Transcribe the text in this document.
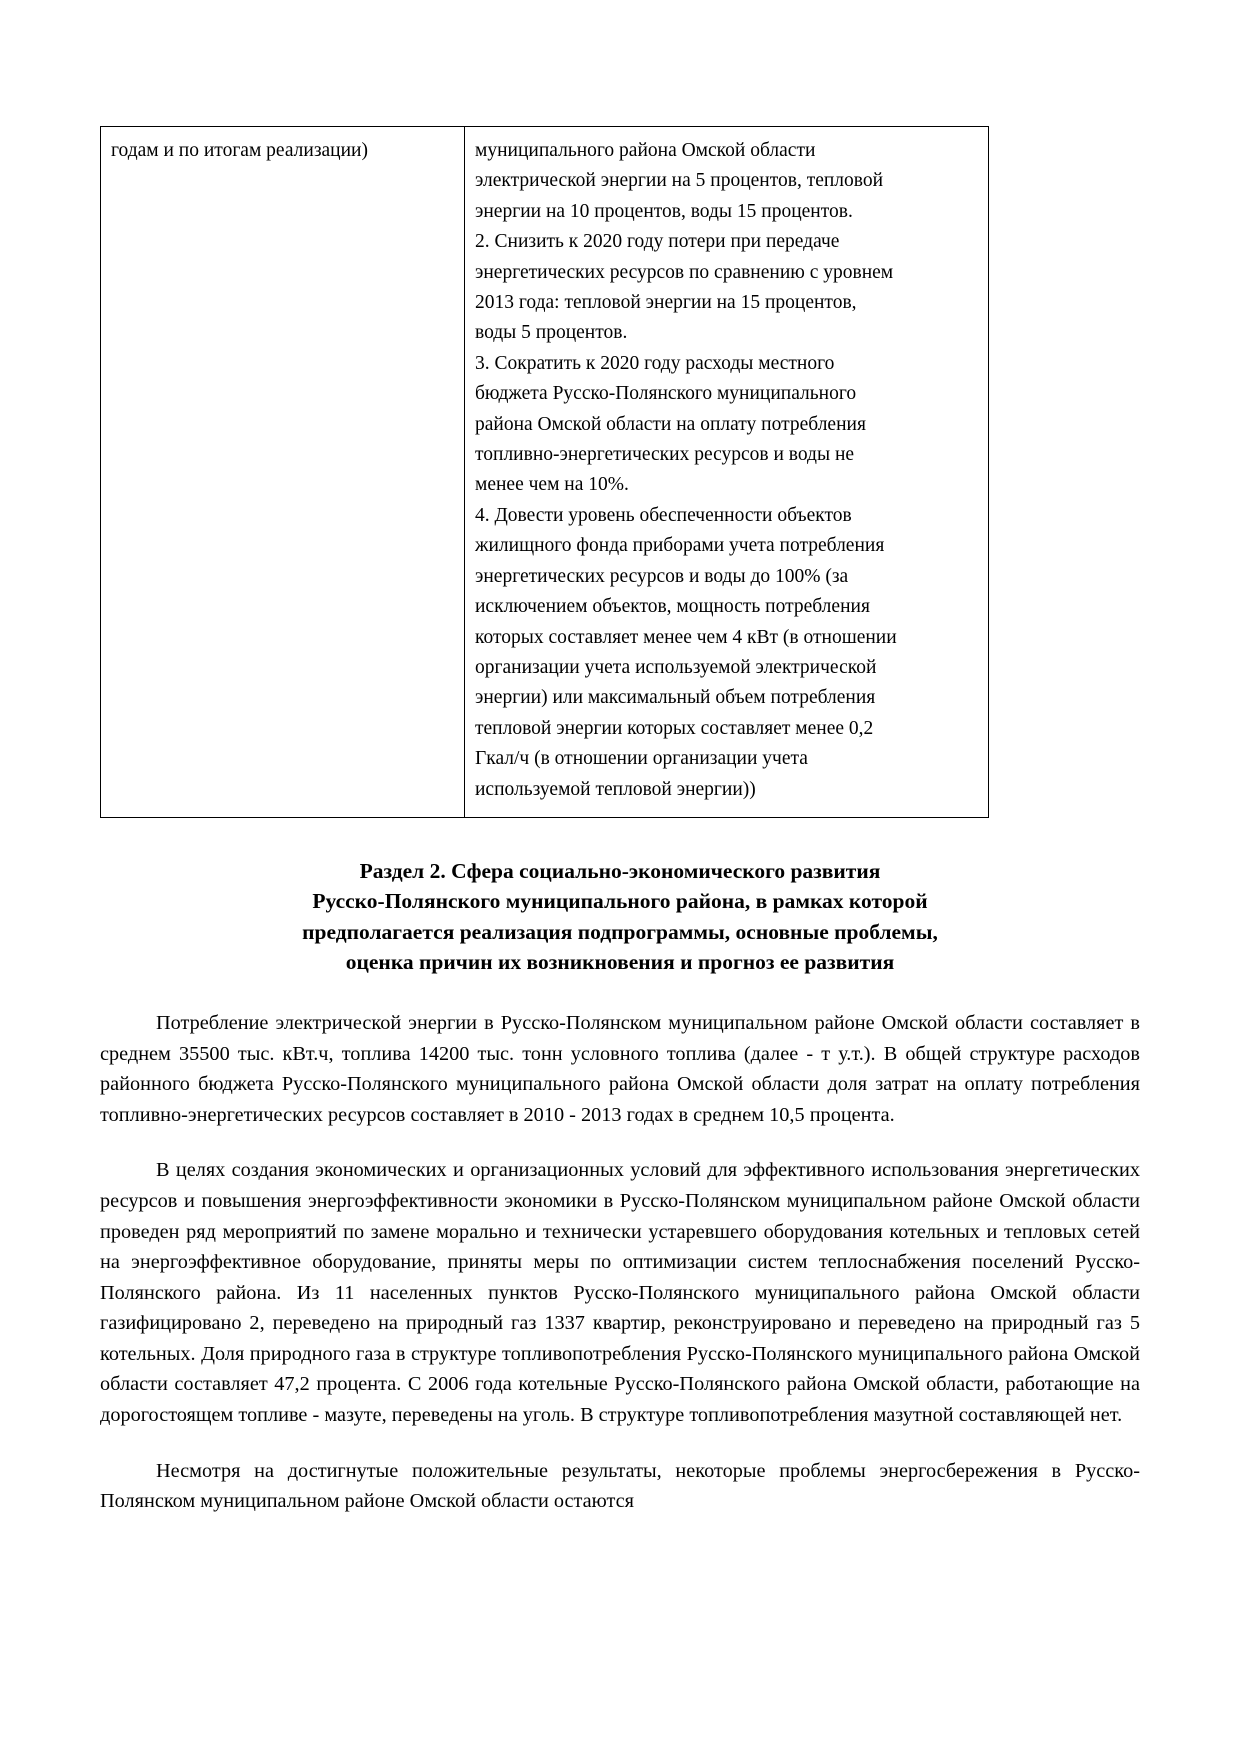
годам и по итогам реализации)	муниципального района Омской области
электрической энергии на 5 процентов, тепловой
энергии на 10 процентов, воды 15 процентов.
2. Снизить к 2020 году потери при передаче
энергетических ресурсов по сравнению с уровнем
2013 года: тепловой энергии на 15 процентов,
воды 5 процентов.
3. Сократить к 2020 году расходы местного
бюджета Русско-Полянского муниципального
района Омской области на оплату потребления
топливно-энергетических ресурсов и воды не
менее чем на 10%.
4. Довести уровень обеспеченности объектов
жилищного фонда приборами учета потребления
энергетических ресурсов и воды до 100% (за
исключением объектов, мощность потребления
которых составляет менее чем 4 кВт (в отношении
организации учета используемой электрической
энергии) или максимальный объем потребления
тепловой энергии которых составляет менее 0,2
Гкал/ч (в отношении организации учета
используемой тепловой энергии))
Раздел 2. Сфера социально-экономического развития
Русско-Полянского муниципального района, в рамках которой
предполагается реализация подпрограммы, основные проблемы,
оценка причин их возникновения и прогноз ее развития

Потребление электрической энергии в Русско-Полянском муниципальном районе Омской области составляет в среднем 35500 тыс. кВт.ч, топлива 14200 тыс. тонн условного топлива (далее - т у.т.). В общей структуре расходов районного бюджета Русско-Полянского муниципального района Омской области доля затрат на оплату потребления топливно-энергетических ресурсов составляет в 2010 - 2013 годах в среднем 10,5 процента.

В целях создания экономических и организационных условий для эффективного использования энергетических ресурсов и повышения энергоэффективности экономики в Русско-Полянском муниципальном районе Омской области проведен ряд мероприятий по замене морально и технически устаревшего оборудования котельных и тепловых сетей на энергоэффективное оборудование, приняты меры по оптимизации систем теплоснабжения поселений Русско-Полянского района. Из 11 населенных пунктов Русско-Полянского муниципального района Омской области газифицировано 2, переведено на природный газ 1337 квартир, реконструировано и переведено на природный газ 5 котельных. Доля природного газа в структуре топливопотребления Русско-Полянского муниципального района Омской области составляет 47,2 процента. С 2006 года котельные Русско-Полянского района Омской области, работающие на дорогостоящем топливе - мазуте, переведены на уголь. В структуре топливопотребления мазутной составляющей нет.

Несмотря на достигнутые положительные результаты, некоторые проблемы энергосбережения в Русско-Полянском муниципальном районе Омской области остаются
